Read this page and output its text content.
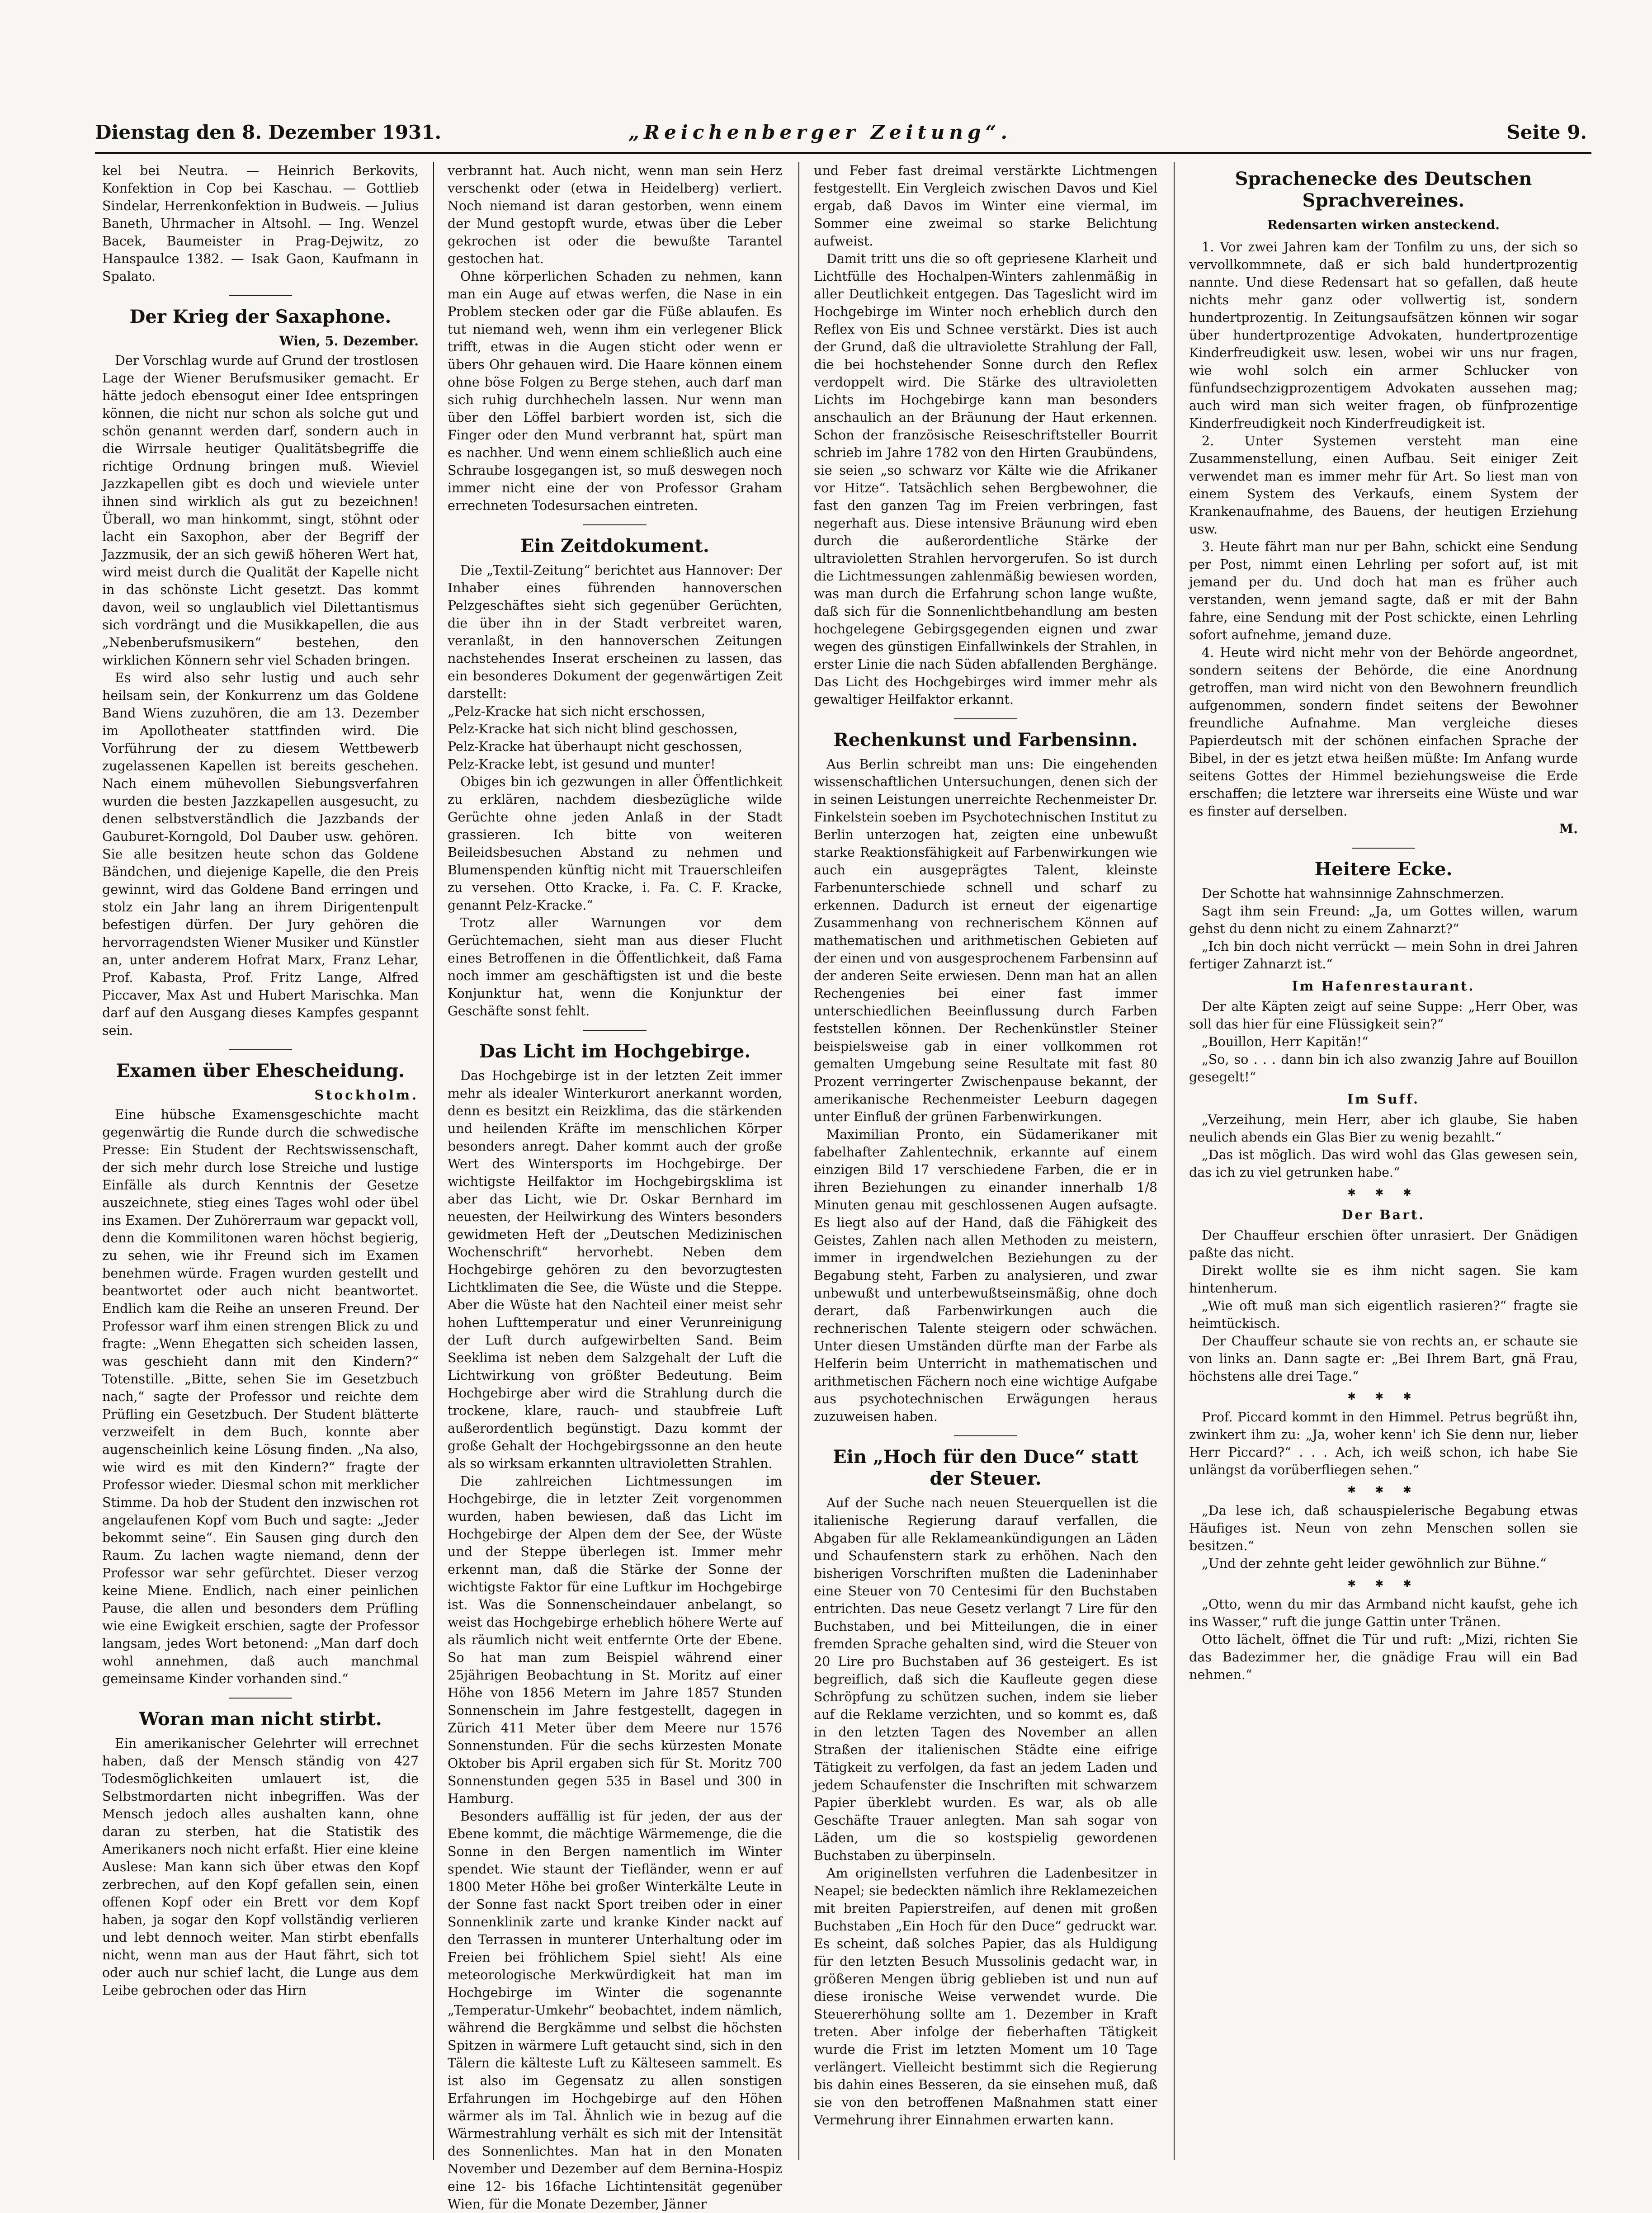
Dienstag den 8. Dezember 1931.	„Reichenberger Zeitung“.	Seite 9.

kel bei Neutra. — Heinrich Berkovits, Konfektion in Cop bei Kaschau. — Gottlieb Sindelar, Herrenkonfektion in Budweis. — Julius Baneth, Uhrmacher in Altsohl. — Ing. Wenzel Bacek, Baumeister in Prag-Dejwitz, zo Hanspaulce 1382. — Isak Gaon, Kaufmann in Spalato.

Der Krieg der Saxaphone.
Wien, 5. Dezember.

Der Vorschlag wurde auf Grund der trostlosen Lage der Wiener Berufsmusiker gemacht. Er hätte jedoch ebensogut einer Idee entspringen können, die nicht nur schon als solche gut und schön genannt werden darf, sondern auch in die Wirrsale heutiger Qualitätsbegriffe die richtige Ordnung bringen muß. Wieviel Jazzkapellen gibt es doch und wieviele unter ihnen sind wirklich als gut zu bezeichnen! Überall, wo man hinkommt, singt, stöhnt oder lacht ein Saxophon, aber der Begriff der Jazzmusik, der an sich gewiß höheren Wert hat, wird meist durch die Qualität der Kapelle nicht in das schönste Licht gesetzt. Das kommt davon, weil so unglaublich viel Dilettantismus sich vordrängt und die Musikkapellen, die aus „Nebenberufsmusikern“ bestehen, den wirklichen Könnern sehr viel Schaden bringen.

Es wird also sehr lustig und auch sehr heilsam sein, der Konkurrenz um das Goldene Band Wiens zuzuhören, die am 13. Dezember im Apollotheater stattfinden wird. Die Vorführung der zu diesem Wettbewerb zugelassenen Kapellen ist bereits geschehen. Nach einem mühevollen Siebungsverfahren wurden die besten Jazzkapellen ausgesucht, zu denen selbstverständlich die Jazzbands der Gauburet-Korngold, Dol Dauber usw. gehören. Sie alle besitzen heute schon das Goldene Bändchen, und diejenige Kapelle, die den Preis gewinnt, wird das Goldene Band erringen und stolz ein Jahr lang an ihrem Dirigentenpult befestigen dürfen. Der Jury gehören die hervorragendsten Wiener Musiker und Künstler an, unter anderem Hofrat Marx, Franz Lehar, Prof. Kabasta, Prof. Fritz Lange, Alfred Piccaver, Max Ast und Hubert Marischka. Man darf auf den Ausgang dieses Kampfes gespannt sein.

Examen über Ehescheidung.
Stockholm.

Eine hübsche Examensgeschichte macht gegenwärtig die Runde durch die schwedische Presse: Ein Student der Rechtswissenschaft, der sich mehr durch lose Streiche und lustige Einfälle als durch Kenntnis der Gesetze auszeichnete, stieg eines Tages wohl oder übel ins Examen. Der Zuhörerraum war gepackt voll, denn die Kommilitonen waren höchst begierig, zu sehen, wie ihr Freund sich im Examen benehmen würde. Fragen wurden gestellt und beantwortet oder auch nicht beantwortet. Endlich kam die Reihe an unseren Freund. Der Professor warf ihm einen strengen Blick zu und fragte: „Wenn Ehegatten sich scheiden lassen, was geschieht dann mit den Kindern?“ Totenstille. „Bitte, sehen Sie im Gesetzbuch nach,“ sagte der Professor und reichte dem Prüfling ein Gesetzbuch. Der Student blätterte verzweifelt in dem Buch, konnte aber augenscheinlich keine Lösung finden. „Na also, wie wird es mit den Kindern?“ fragte der Professor wieder. Diesmal schon mit merklicher Stimme. Da hob der Student den inzwischen rot angelaufenen Kopf vom Buch und sagte: „Jeder bekommt seine“. Ein Sausen ging durch den Raum. Zu lachen wagte niemand, denn der Professor war sehr gefürchtet. Dieser verzog keine Miene. Endlich, nach einer peinlichen Pause, die allen und besonders dem Prüfling wie eine Ewigkeit erschien, sagte der Professor langsam, jedes Wort betonend: „Man darf doch wohl annehmen, daß auch manchmal gemeinsame Kinder vorhanden sind.“

Woran man nicht stirbt.

Ein amerikanischer Gelehrter will errechnet haben, daß der Mensch ständig von 427 Todesmöglichkeiten umlauert ist, die Selbstmordarten nicht inbegriffen. Was der Mensch jedoch alles aushalten kann, ohne daran zu sterben, hat die Statistik des Amerikaners noch nicht erfaßt. Hier eine kleine Auslese: Man kann sich über etwas den Kopf zerbrechen, auf den Kopf gefallen sein, einen offenen Kopf oder ein Brett vor dem Kopf haben, ja sogar den Kopf vollständig verlieren und lebt dennoch weiter. Man stirbt ebenfalls nicht, wenn man aus der Haut fährt, sich tot oder auch nur schief lacht, die Lunge aus dem Leibe gebrochen oder das Hirn

verbrannt hat. Auch nicht, wenn man sein Herz verschenkt oder (etwa in Heidelberg) verliert. Noch niemand ist daran gestorben, wenn einem der Mund gestopft wurde, etwas über die Leber gekrochen ist oder die bewußte Tarantel gestochen hat.

Ohne körperlichen Schaden zu nehmen, kann man ein Auge auf etwas werfen, die Nase in ein Problem stecken oder gar die Füße ablaufen. Es tut niemand weh, wenn ihm ein verlegener Blick trifft, etwas in die Augen sticht oder wenn er übers Ohr gehauen wird. Die Haare können einem ohne böse Folgen zu Berge stehen, auch darf man sich ruhig durchhecheln lassen. Nur wenn man über den Löffel barbiert worden ist, sich die Finger oder den Mund verbrannt hat, spürt man es nachher. Und wenn einem schließlich auch eine Schraube losgegangen ist, so muß deswegen noch immer nicht eine der von Professor Graham errechneten Todesursachen eintreten.

Ein Zeitdokument.

Die „Textil-Zeitung“ berichtet aus Hannover: Der Inhaber eines führenden hannoverschen Pelzgeschäftes sieht sich gegenüber Gerüchten, die über ihn in der Stadt verbreitet waren, veranlaßt, in den hannoverschen Zeitungen nachstehendes Inserat erscheinen zu lassen, das ein besonderes Dokument der gegenwärtigen Zeit darstellt:

„Pelz-Kracke hat sich nicht erschossen,

Pelz-Kracke hat sich nicht blind geschossen,

Pelz-Kracke hat überhaupt nicht geschossen,

Pelz-Kracke lebt, ist gesund und munter!

Obiges bin ich gezwungen in aller Öffentlichkeit zu erklären, nachdem diesbezügliche wilde Gerüchte ohne jeden Anlaß in der Stadt grassieren. Ich bitte von weiteren Beileidsbesuchen Abstand zu nehmen und Blumenspenden künftig nicht mit Trauerschleifen zu versehen. Otto Kracke, i. Fa. C. F. Kracke, genannt Pelz-Kracke.“

Trotz aller Warnungen vor dem Gerüchtemachen, sieht man aus dieser Flucht eines Betroffenen in die Öffentlichkeit, daß Fama noch immer am geschäftigsten ist und die beste Konjunktur hat, wenn die Konjunktur der Geschäfte sonst fehlt.

Das Licht im Hochgebirge.

Das Hochgebirge ist in der letzten Zeit immer mehr als idealer Winterkurort anerkannt worden, denn es besitzt ein Reizklima, das die stärkenden und heilenden Kräfte im menschlichen Körper besonders anregt. Daher kommt auch der große Wert des Wintersports im Hochgebirge. Der wichtigste Heilfaktor im Hochgebirgsklima ist aber das Licht, wie Dr. Oskar Bernhard im neuesten, der Heilwirkung des Winters besonders gewidmeten Heft der „Deutschen Medizinischen Wochenschrift“ hervorhebt. Neben dem Hochgebirge gehören zu den bevorzugtesten Lichtklimaten die See, die Wüste und die Steppe. Aber die Wüste hat den Nachteil einer meist sehr hohen Lufttemperatur und einer Verunreinigung der Luft durch aufgewirbelten Sand. Beim Seeklima ist neben dem Salzgehalt der Luft die Lichtwirkung von größter Bedeutung. Beim Hochgebirge aber wird die Strahlung durch die trockene, klare, rauch- und staubfreie Luft außerordentlich begünstigt. Dazu kommt der große Gehalt der Hochgebirgssonne an den heute als so wirksam erkannten ultravioletten Strahlen.

Die zahlreichen Lichtmessungen im Hochgebirge, die in letzter Zeit vorgenommen wurden, haben bewiesen, daß das Licht im Hochgebirge der Alpen dem der See, der Wüste und der Steppe überlegen ist. Immer mehr erkennt man, daß die Stärke der Sonne der wichtigste Faktor für eine Luftkur im Hochgebirge ist. Was die Sonnenscheindauer anbelangt, so weist das Hochgebirge erheblich höhere Werte auf als räumlich nicht weit entfernte Orte der Ebene. So hat man zum Beispiel während einer 25jährigen Beobachtung in St. Moritz auf einer Höhe von 1856 Metern im Jahre 1857 Stunden Sonnenschein im Jahre festgestellt, dagegen in Zürich 411 Meter über dem Meere nur 1576 Sonnenstunden. Für die sechs kürzesten Monate Oktober bis April ergaben sich für St. Moritz 700 Sonnenstunden gegen 535 in Basel und 300 in Hamburg.

Besonders auffällig ist für jeden, der aus der Ebene kommt, die mächtige Wärmemenge, die die Sonne in den Bergen namentlich im Winter spendet. Wie staunt der Tiefländer, wenn er auf 1800 Meter Höhe bei großer Winterkälte Leute in der Sonne fast nackt Sport treiben oder in einer Sonnenklinik zarte und kranke Kinder nackt auf den Terrassen in munterer Unterhaltung oder im Freien bei fröhlichem Spiel sieht! Als eine meteorologische Merkwürdigkeit hat man im Hochgebirge im Winter die sogenannte „Temperatur-Umkehr“ beobachtet, indem nämlich, während die Bergkämme und selbst die höchsten Spitzen in wärmere Luft getaucht sind, sich in den Tälern die kälteste Luft zu Kälteseen sammelt. Es ist also im Gegensatz zu allen sonstigen Erfahrungen im Hochgebirge auf den Höhen wärmer als im Tal. Ähnlich wie in bezug auf die Wärmestrahlung verhält es sich mit der Intensität des Sonnenlichtes. Man hat in den Monaten November und Dezember auf dem Bernina-Hospiz eine 12- bis 16fache Lichtintensität gegenüber Wien, für die Monate Dezember, Jänner

und Feber fast dreimal verstärkte Lichtmengen festgestellt. Ein Vergleich zwischen Davos und Kiel ergab, daß Davos im Winter eine viermal, im Sommer eine zweimal so starke Belichtung aufweist.

Damit tritt uns die so oft gepriesene Klarheit und Lichtfülle des Hochalpen-Winters zahlenmäßig in aller Deutlichkeit entgegen. Das Tageslicht wird im Hochgebirge im Winter noch erheblich durch den Reflex von Eis und Schnee verstärkt. Dies ist auch der Grund, daß die ultraviolette Strahlung der Fall, die bei hochstehender Sonne durch den Reflex verdoppelt wird. Die Stärke des ultravioletten Lichts im Hochgebirge kann man besonders anschaulich an der Bräunung der Haut erkennen. Schon der französische Reiseschriftsteller Bourrit schrieb im Jahre 1782 von den Hirten Graubündens, sie seien „so schwarz vor Kälte wie die Afrikaner vor Hitze“. Tatsächlich sehen Bergbewohner, die fast den ganzen Tag im Freien verbringen, fast negerhaft aus. Diese intensive Bräunung wird eben durch die außerordentliche Stärke der ultravioletten Strahlen hervorgerufen. So ist durch die Lichtmessungen zahlenmäßig bewiesen worden, was man durch die Erfahrung schon lange wußte, daß sich für die Sonnenlichtbehandlung am besten hochgelegene Gebirgsgegenden eignen und zwar wegen des günstigen Einfallwinkels der Strahlen, in erster Linie die nach Süden abfallenden Berghänge. Das Licht des Hochgebirges wird immer mehr als gewaltiger Heilfaktor erkannt.

Rechenkunst und Farbensinn.

Aus Berlin schreibt man uns: Die eingehenden wissenschaftlichen Untersuchungen, denen sich der in seinen Leistungen unerreichte Rechenmeister Dr. Finkelstein soeben im Psychotechnischen Institut zu Berlin unterzogen hat, zeigten eine unbewußt starke Reaktionsfähigkeit auf Farbenwirkungen wie auch ein ausgeprägtes Talent, kleinste Farbenunterschiede schnell und scharf zu erkennen. Dadurch ist erneut der eigenartige Zusammenhang von rechnerischem Können auf mathematischen und arithmetischen Gebieten auf der einen und von ausgesprochenem Farbensinn auf der anderen Seite erwiesen. Denn man hat an allen Rechengenies bei einer fast immer unterschiedlichen Beeinflussung durch Farben feststellen können. Der Rechenkünstler Steiner beispielsweise gab in einer vollkommen rot gemalten Umgebung seine Resultate mit fast 80 Prozent verringerter Zwischenpause bekannt, der amerikanische Rechenmeister Leeburn dagegen unter Einfluß der grünen Farbenwirkungen.

Maximilian Pronto, ein Südamerikaner mit fabelhafter Zahlentechnik, erkannte auf einem einzigen Bild 17 verschiedene Farben, die er in ihren Beziehungen zu einander innerhalb 1/8 Minuten genau mit geschlossenen Augen aufsagte. Es liegt also auf der Hand, daß die Fähigkeit des Geistes, Zahlen nach allen Methoden zu meistern, immer in irgendwelchen Beziehungen zu der Begabung steht, Farben zu analysieren, und zwar unbewußt und unterbewußtseinsmäßig, ohne doch derart, daß Farbenwirkungen auch die rechnerischen Talente steigern oder schwächen. Unter diesen Umständen dürfte man der Farbe als Helferin beim Unterricht in mathematischen und arithmetischen Fächern noch eine wichtige Aufgabe aus psychotechnischen Erwägungen heraus zuzuweisen haben.

Ein „Hoch für den Duce“ statt der Steuer.

Auf der Suche nach neuen Steuerquellen ist die italienische Regierung darauf verfallen, die Abgaben für alle Reklameankündigungen an Läden und Schaufenstern stark zu erhöhen. Nach den bisherigen Vorschriften mußten die Ladeninhaber eine Steuer von 70 Centesimi für den Buchstaben entrichten. Das neue Gesetz verlangt 7 Lire für den Buchstaben, und bei Mitteilungen, die in einer fremden Sprache gehalten sind, wird die Steuer von 20 Lire pro Buchstaben auf 36 gesteigert. Es ist begreiflich, daß sich die Kaufleute gegen diese Schröpfung zu schützen suchen, indem sie lieber auf die Reklame verzichten, und so kommt es, daß in den letzten Tagen des November an allen Straßen der italienischen Städte eine eifrige Tätigkeit zu verfolgen, da fast an jedem Laden und jedem Schaufenster die Inschriften mit schwarzem Papier überklebt wurden. Es war, als ob alle Geschäfte Trauer anlegten. Man sah sogar von Läden, um die so kostspielig gewordenen Buchstaben zu überpinseln.

Am originellsten verfuhren die Ladenbesitzer in Neapel; sie bedeckten nämlich ihre Reklamezeichen mit breiten Papierstreifen, auf denen mit großen Buchstaben „Ein Hoch für den Duce“ gedruckt war. Es scheint, daß solches Papier, das als Huldigung für den letzten Besuch Mussolinis gedacht war, in größeren Mengen übrig geblieben ist und nun auf diese ironische Weise verwendet wurde. Die Steuererhöhung sollte am 1. Dezember in Kraft treten. Aber infolge der fieberhaften Tätigkeit wurde die Frist im letzten Moment um 10 Tage verlängert. Vielleicht bestimmt sich die Regierung bis dahin eines Besseren, da sie einsehen muß, daß sie von den betroffenen Maßnahmen statt einer Vermehrung ihrer Einnahmen erwarten kann.

Sprachenecke des Deutschen Sprachvereines.
Redensarten wirken ansteckend.

1. Vor zwei Jahren kam der Tonfilm zu uns, der sich so vervollkommnete, daß er sich bald hundertprozentig nannte. Und diese Redensart hat so gefallen, daß heute nichts mehr ganz oder vollwertig ist, sondern hundertprozentig. In Zeitungsaufsätzen können wir sogar über hundertprozentige Advokaten, hundertprozentige Kinderfreudigkeit usw. lesen, wobei wir uns nur fragen, wie wohl solch ein armer Schlucker von fünfundsechzigprozentigem Advokaten aussehen mag; auch wird man sich weiter fragen, ob fünfprozentige Kinderfreudigkeit noch Kinderfreudigkeit ist.

2. Unter Systemen versteht man eine Zusammenstellung, einen Aufbau. Seit einiger Zeit verwendet man es immer mehr für Art. So liest man von einem System des Verkaufs, einem System der Krankenaufnahme, des Bauens, der heutigen Erziehung usw.

3. Heute fährt man nur per Bahn, schickt eine Sendung per Post, nimmt einen Lehrling per sofort auf, ist mit jemand per du. Und doch hat man es früher auch verstanden, wenn jemand sagte, daß er mit der Bahn fahre, eine Sendung mit der Post schickte, einen Lehrling sofort aufnehme, jemand duze.

4. Heute wird nicht mehr von der Behörde angeordnet, sondern seitens der Behörde, die eine Anordnung getroffen, man wird nicht von den Bewohnern freundlich aufgenommen, sondern findet seitens der Bewohner freundliche Aufnahme. Man vergleiche dieses Papierdeutsch mit der schönen einfachen Sprache der Bibel, in der es jetzt etwa heißen müßte: Im Anfang wurde seitens Gottes der Himmel beziehungsweise die Erde erschaffen; die letztere war ihrerseits eine Wüste und war es finster auf derselben.

M.
Heitere Ecke.

Der Schotte hat wahnsinnige Zahnschmerzen.

Sagt ihm sein Freund: „Ja, um Gottes willen, warum gehst du denn nicht zu einem Zahnarzt?“

„Ich bin doch nicht verrückt — mein Sohn in drei Jahren fertiger Zahnarzt ist.“

Im Hafenrestaurant.

Der alte Käpten zeigt auf seine Suppe: „Herr Ober, was soll das hier für eine Flüssigkeit sein?“

„Bouillon, Herr Kapitän!“

„So, so . . . dann bin ich also zwanzig Jahre auf Bouillon gesegelt!“

Im Suff.

„Verzeihung, mein Herr, aber ich glaube, Sie haben neulich abends ein Glas Bier zu wenig bezahlt.“

„Das ist möglich. Das wird wohl das Glas gewesen sein, das ich zu viel getrunken habe.“

✱ ✱ ✱
Der Bart.

Der Chauffeur erschien öfter unrasiert. Der Gnädigen paßte das nicht.

Direkt wollte sie es ihm nicht sagen. Sie kam hintenherum.

„Wie oft muß man sich eigentlich rasieren?“ fragte sie heimtückisch.

Der Chauffeur schaute sie von rechts an, er schaute sie von links an. Dann sagte er: „Bei Ihrem Bart, gnä Frau, höchstens alle drei Tage.“

✱ ✱ ✱

Prof. Piccard kommt in den Himmel. Petrus begrüßt ihn, zwinkert ihm zu: „Ja, woher kenn' ich Sie denn nur, lieber Herr Piccard?“ . . . Ach, ich weiß schon, ich habe Sie unlängst da vorüberfliegen sehen.“

✱ ✱ ✱

„Da lese ich, daß schauspielerische Begabung etwas Häufiges ist. Neun von zehn Menschen sollen sie besitzen.“

„Und der zehnte geht leider gewöhnlich zur Bühne.“

✱ ✱ ✱

„Otto, wenn du mir das Armband nicht kaufst, gehe ich ins Wasser,“ ruft die junge Gattin unter Tränen.

Otto lächelt, öffnet die Tür und ruft: „Mizi, richten Sie das Badezimmer her, die gnädige Frau will ein Bad nehmen.“
